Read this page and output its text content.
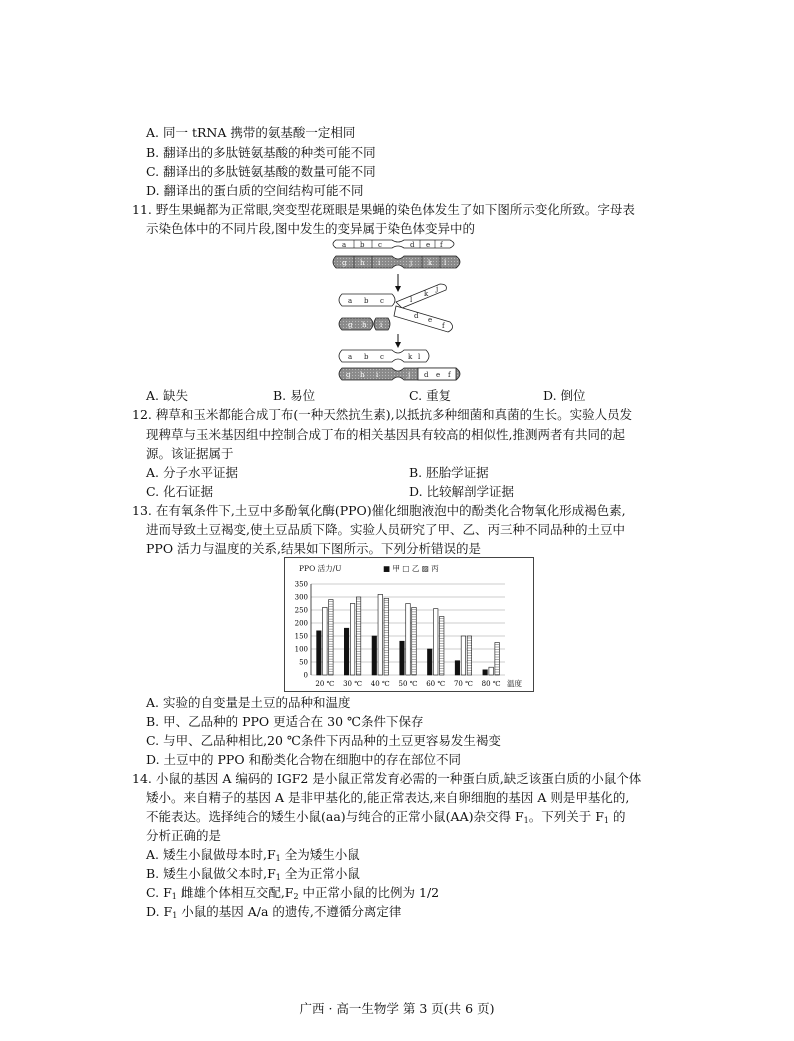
A. 同一 tRNA 携带的氨基酸一定相同
B. 翻译出的多肽链氨基酸的种类可能不同
C. 翻译出的多肽链氨基酸的数量可能不同
D. 翻译出的蛋白质的空间结构可能不同
11. 野生果蝇都为正常眼,突变型花斑眼是果蝇的染色体发生了如下图所示变化所致。字母表
示染色体中的不同片段,图中发生的变异属于染色体变异中的
a b c	d e f
g h i	j k l
a b c	l
k
j
g h i
d e
f
a b c	k l
g h i	j d e f
A. 缺失	B. 易位	C. 重复	D. 倒位
12. 稗草和玉米都能合成丁布(一种天然抗生素),以抵抗多种细菌和真菌的生长。实验人员发
现稗草与玉米基因组中控制合成丁布的相关基因具有较高的相似性,推测两者有共同的起
源。该证据属于
A. 分子水平证据	B. 胚胎学证据
C. 化石证据	D. 比较解剖学证据
13. 在有氧条件下,土豆中多酚氧化酶(PPO)催化细胞液泡中的酚类化合物氧化形成褐色素,
进而导致土豆褐变,使土豆品质下降。实验人员研究了甲、乙、丙三种不同品种的土豆中
PPO 活力与温度的关系,结果如下图所示。下列分析错误的是
PPO 活力/U	■ 甲 □ 乙 ▨ 丙
温度
0
50
100
150
200
250
300
350
20 ℃ 30 ℃ 40 ℃ 50 ℃ 60 ℃ 70 ℃ 80 ℃
A. 实验的自变量是土豆的品种和温度
B. 甲、乙品种的 PPO 更适合在 30 ℃条件下保存
C. 与甲、乙品种相比,20 ℃条件下丙品种的土豆更容易发生褐变
D. 土豆中的 PPO 和酚类化合物在细胞中的存在部位不同
14. 小鼠的基因 A 编码的 IGF2 是小鼠正常发育必需的一种蛋白质,缺乏该蛋白质的小鼠个体
矮小。来自精子的基因 A 是非甲基化的,能正常表达,来自卵细胞的基因 A 则是甲基化的,
不能表达。选择纯合的矮生小鼠(aa)与纯合的正常小鼠(AA)杂交得 $F_1$。下列关于 $F_1$ 的
分析正确的是
A. 矮生小鼠做母本时$,F_1$ 全为矮生小鼠
B. 矮生小鼠做父本时$,F_1$ 全为正常小鼠
C. $F_1$ 雌雄个体相互交配$,F_2$ 中正常小鼠的比例为 1/2
D. $F_1$ 小鼠的基因 A/a 的遗传,不遵循分离定律
广西 · 高一生物学 第 3 页(共 6 页)
